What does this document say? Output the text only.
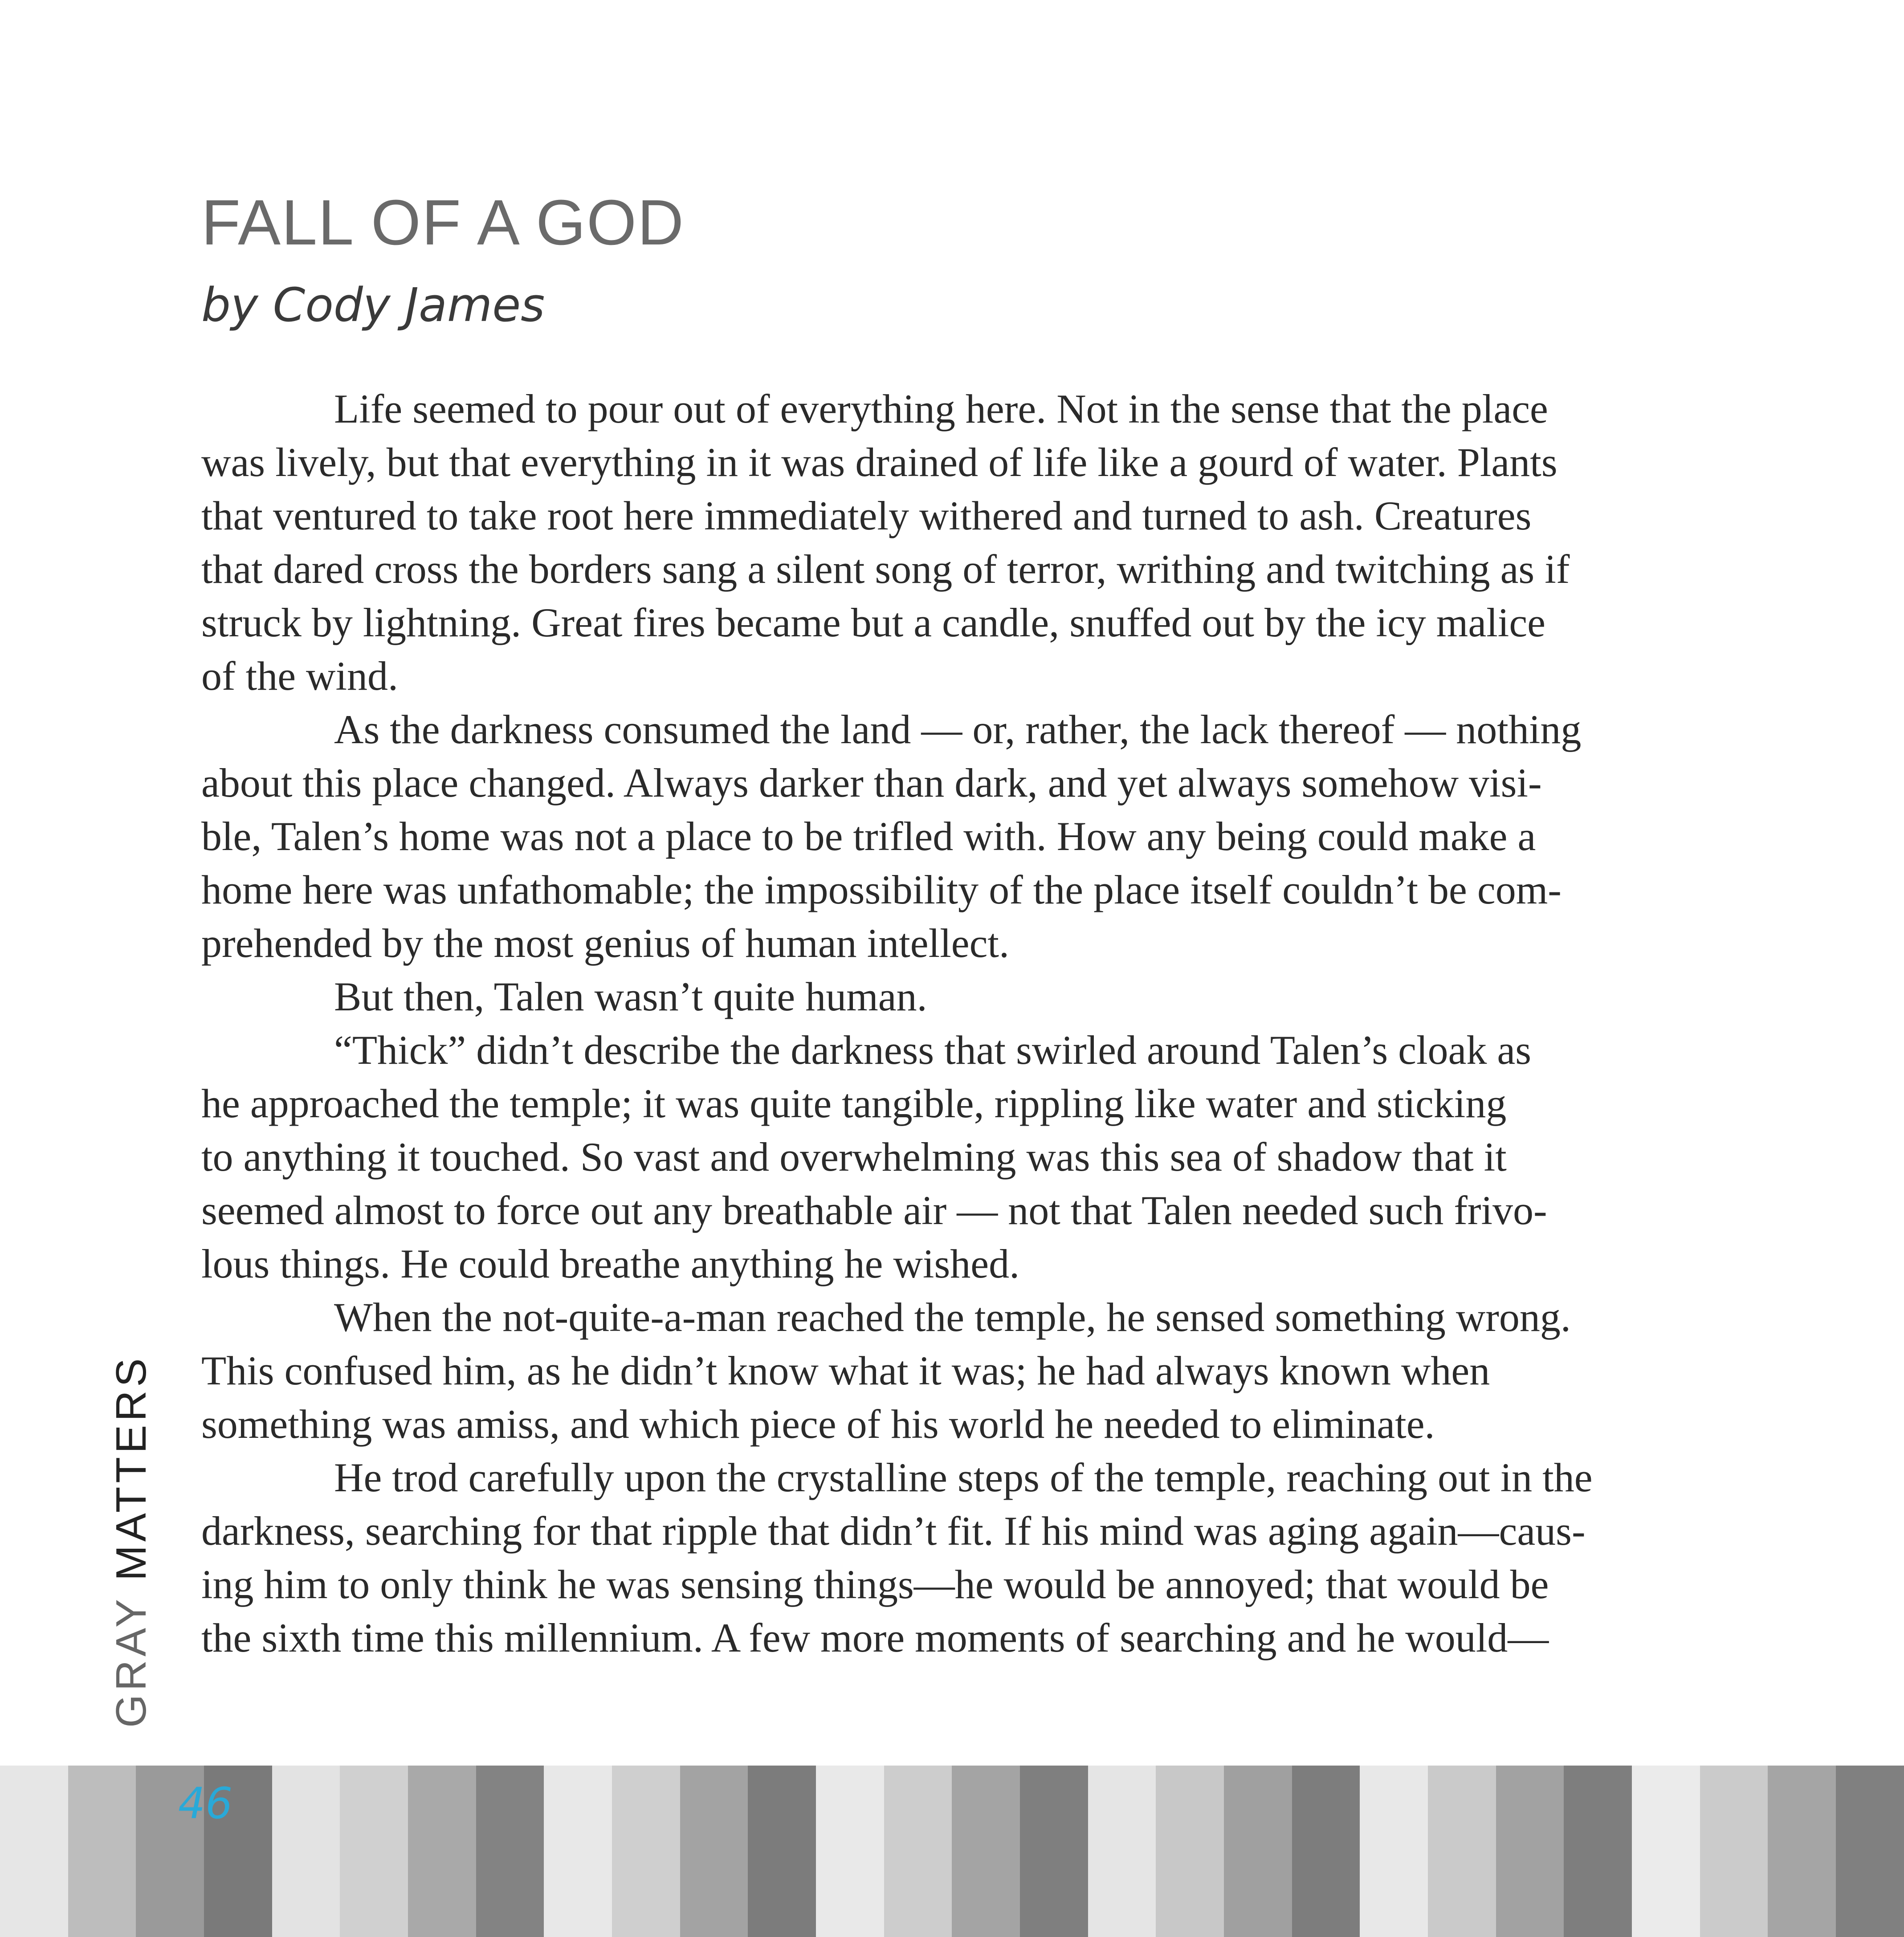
FALL OF A GOD
by Cody James
Life seemed to pour out of everything here. Not in the sense that the place
was lively, but that everything in it was drained of life like a gourd of water. Plants
that ventured to take root here immediately withered and turned to ash. Creatures
that dared cross the borders sang a silent song of terror, writhing and twitching as if
struck by lightning. Great fires became but a candle, snuffed out by the icy malice
of the wind.
As the darkness consumed the land — or, rather, the lack thereof — nothing
about this place changed. Always darker than dark, and yet always somehow visi-
ble, Talen’s home was not a place to be trifled with. How any being could make a
home here was unfathomable; the impossibility of the place itself couldn’t be com-
prehended by the most genius of human intellect.
But then, Talen wasn’t quite human.
“Thick” didn’t describe the darkness that swirled around Talen’s cloak as
he approached the temple; it was quite tangible, rippling like water and sticking
to anything it touched. So vast and overwhelming was this sea of shadow that it
seemed almost to force out any breathable air — not that Talen needed such frivo-
lous things. He could breathe anything he wished.
When the not-quite-a-man reached the temple, he sensed something wrong.
This confused him, as he didn’t know what it was; he had always known when
something was amiss, and which piece of his world he needed to eliminate.
He trod carefully upon the crystalline steps of the temple, reaching out in the
darkness, searching for that ripple that didn’t fit. If his mind was aging again—caus-
ing him to only think he was sensing things—he would be annoyed; that would be
the sixth time this millennium. A few more moments of searching and he would—
GRAY MATTERS
46
